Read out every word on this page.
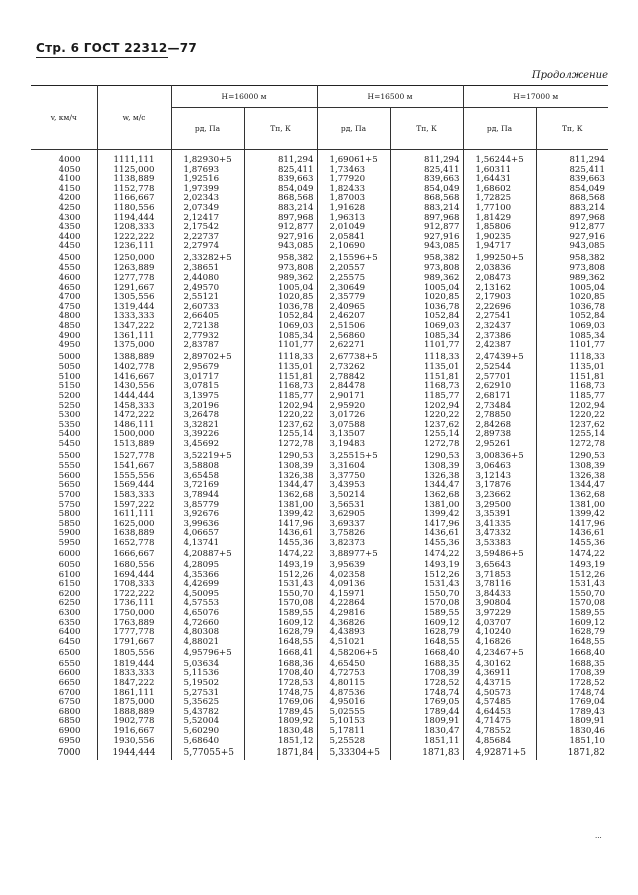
Стр. 6 ГОСТ 22312—77
Продолжение
v, км/ч	w, м/с	H=16000 м		H=16500 м		H=17000 м	
		pд, Па	Tп, К	pд, Па	Tп, К	pд, Па	Tп, К

4000	1111,111	1,82930+5	811,294	1,69061+5	811,294	1,56244+5	811,294
4050	1125,000	1,87693	825,411	1,73463	825,411	1,60311	825,411
4100	1138,889	1,92516	839,663	1,77920	839,663	1,64431	839,663
4150	1152,778	1,97399	854,049	1,82433	854,049	1,68602	854,049
4200	1166,667	2,02343	868,568	1,87003	868,568	1,72825	868,568
4250	1180,556	2,07349	883,214	1,91628	883,214	1,77100	883,214
4300	1194,444	2,12417	897,968	1,96313	897,968	1,81429	897,968
4350	1208,333	2,17542	912,877	2,01049	912,877	1,85806	912,877
4400	1222,222	2,22737	927,916	2,05841	927,916	1,90235	927,916
4450	1236,111	2,27974	943,085	2,10690	943,085	1,94717	943,085
4500	1250,000	2,33282+5	958,382	2,15596+5	958,382	1,99250+5	958,382
4550	1263,889	2,38651	973,808	2,20557	973,808	2,03836	973,808
4600	1277,778	2,44080	989,362	2,25575	989,362	2,08473	989,362
4650	1291,667	2,49570	1005,04	2,30649	1005,04	2,13162	1005,04
4700	1305,556	2,55121	1020,85	2,35779	1020,85	2,17903	1020,85
4750	1319,444	2,60733	1036,78	2,40965	1036,78	2,22696	1036,78
4800	1333,333	2,66405	1052,84	2,46207	1052,84	2,27541	1052,84
4850	1347,222	2,72138	1069,03	2,51506	1069,03	2,32437	1069,03
4900	1361,111	2,77932	1085,34	2,56860	1085,34	2,37386	1085,34
4950	1375,000	2,83787	1101,77	2,62271	1101,77	2,42387	1101,77
5000	1388,889	2,89702+5	1118,33	2,67738+5	1118,33	2,47439+5	1118,33
5050	1402,778	2,95679	1135,01	2,73262	1135,01	2,52544	1135,01
5100	1416,667	3,01717	1151,81	2,78842	1151,81	2,57701	1151,81
5150	1430,556	3,07815	1168,73	2,84478	1168,73	2,62910	1168,73
5200	1444,444	3,13975	1185,77	2,90171	1185,77	2,68171	1185,77
5250	1458,333	3,20196	1202,94	2,95920	1202,94	2,73484	1202,94
5300	1472,222	3,26478	1220,22	3,01726	1220,22	2,78850	1220,22
5350	1486,111	3,32821	1237,62	3,07588	1237,62	2,84268	1237,62
5400	1500,000	3,39226	1255,14	3,13507	1255,14	2,89738	1255,14
5450	1513,889	3,45692	1272,78	3,19483	1272,78	2,95261	1272,78
5500	1527,778	3,52219+5	1290,53	3,25515+5	1290,53	3,00836+5	1290,53
5550	1541,667	3,58808	1308,39	3,31604	1308,39	3,06463	1308,39
5600	1555,556	3,65458	1326,38	3,37750	1326,38	3,12143	1326,38
5650	1569,444	3,72169	1344,47	3,43953	1344,47	3,17876	1344,47
5700	1583,333	3,78944	1362,68	3,50214	1362,68	3,23662	1362,68
5750	1597,222	3,85779	1381,00	3,56531	1381,00	3,29500	1381,00
5800	1611,111	3,92676	1399,42	3,62905	1399,42	3,35391	1399,42
5850	1625,000	3,99636	1417,96	3,69337	1417,96	3,41335	1417,96
5900	1638,889	4,06657	1436,61	3,75826	1436,61	3,47332	1436,61
5950	1652,778	4,13741	1455,36	3,82373	1455,36	3,53383	1455,36
6000	1666,667	4,20887+5	1474,22	3,88977+5	1474,22	3,59486+5	1474,22
6050	1680,556	4,28095	1493,19	3,95639	1493,19	3,65643	1493,19
6100	1694,444	4,35366	1512,26	4,02358	1512,26	3,71853	1512,26
6150	1708,333	4,42699	1531,43	4,09136	1531,43	3,78116	1531,43
6200	1722,222	4,50095	1550,70	4,15971	1550,70	3,84433	1550,70
6250	1736,111	4,57553	1570,08	4,22864	1570,08	3,90804	1570,08
6300	1750,000	4,65076	1589,55	4,29816	1589,55	3,97229	1589,55
6350	1763,889	4,72660	1609,12	4,36826	1609,12	4,03707	1609,12
6400	1777,778	4,80308	1628,79	4,43893	1628,79	4,10240	1628,79
6450	1791,667	4,88021	1648,55	4,51021	1648,55	4,16826	1648,55
6500	1805,556	4,95796+5	1668,41	4,58206+5	1668,40	4,23467+5	1668,40
6550	1819,444	5,03634	1688,36	4,65450	1688,35	4,30162	1688,35
6600	1833,333	5,11536	1708,40	4,72753	1708,39	4,36911	1708,39
6650	1847,222	5,19502	1728,53	4,80115	1728,52	4,43715	1728,52
6700	1861,111	5,27531	1748,75	4,87536	1748,74	4,50573	1748,74
6750	1875,000	5,35625	1769,06	4,95016	1769,05	4,57485	1769,04
6800	1888,889	5,43782	1789,45	5,02555	1789,44	4,64453	1789,43
6850	1902,778	5,52004	1809,92	5,10153	1809,91	4,71475	1809,91
6900	1916,667	5,60290	1830,48	5,17811	1830,47	4,78552	1830,46
6950	1930,556	5,68640	1851,12	5,25528	1851,11	4,85684	1851,10
7000	1944,444	5,77055+5	1871,84	5,33304+5	1871,83	4,92871+5	1871,82
...
